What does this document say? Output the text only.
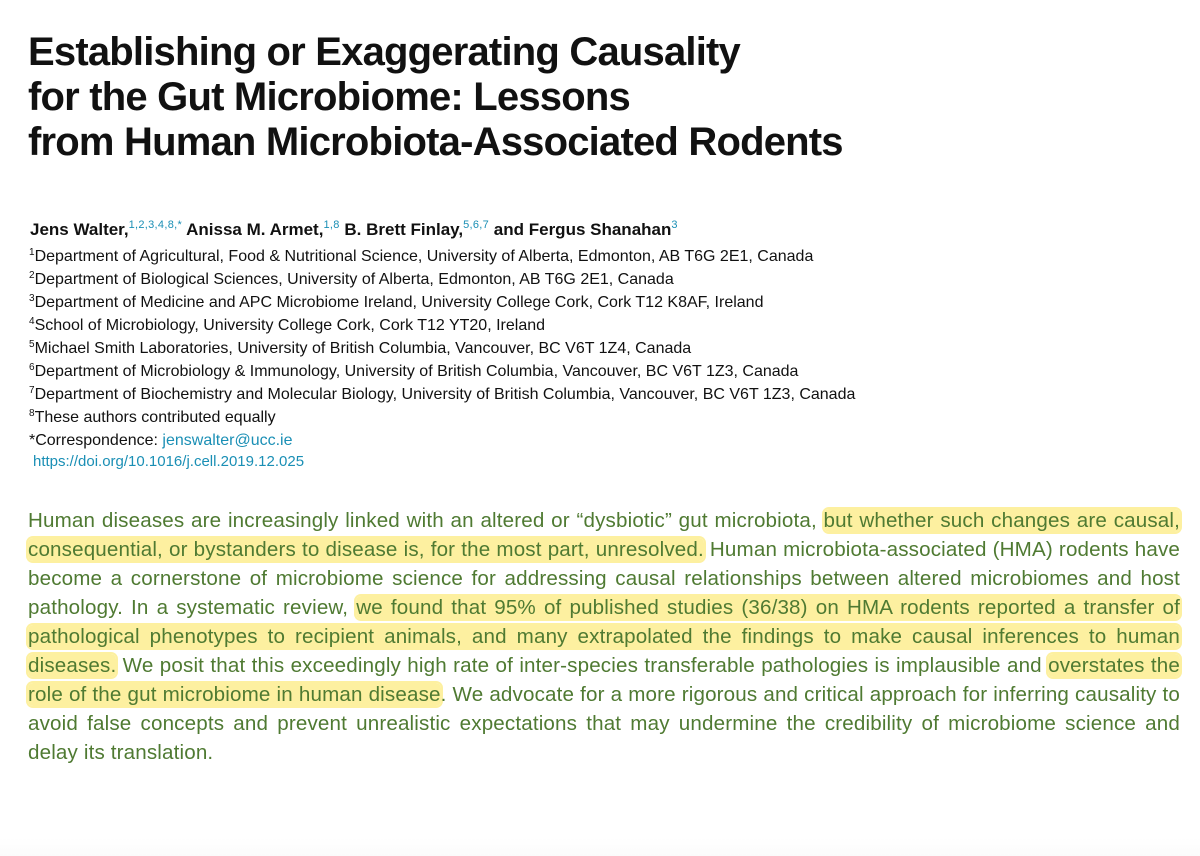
Establishing or Exaggerating Causality
for the Gut Microbiome: Lessons
from Human Microbiota-Associated Rodents
Jens Walter,$^{1,2,3,4,8,*}$ Anissa M. Armet,$^{1,8}$ B. Brett Finlay,$^{5,6,7}$ and Fergus Shanahan$^3$
$^1$Department of Agricultural, Food & Nutritional Science, University of Alberta, Edmonton, AB T6G 2E1, Canada
$^2$Department of Biological Sciences, University of Alberta, Edmonton, AB T6G 2E1, Canada
$^3$Department of Medicine and APC Microbiome Ireland, University College Cork, Cork T12 K8AF, Ireland
$^4$School of Microbiology, University College Cork, Cork T12 YT20, Ireland
$^5$Michael Smith Laboratories, University of British Columbia, Vancouver, BC V6T 1Z4, Canada
$^6$Department of Microbiology & Immunology, University of British Columbia, Vancouver, BC V6T 1Z3, Canada
$^7$Department of Biochemistry and Molecular Biology, University of British Columbia, Vancouver, BC V6T 1Z3, Canada
$^8$These authors contributed equally
*Correspondence: jenswalter@ucc.ie
https://doi.org/10.1016/j.cell.2019.12.025
Human diseases are increasingly linked with an altered or “dysbiotic” gut microbiota, but whether such changes are causal, consequential, or bystanders to disease is, for the most part, unresolved. Human microbiota-associated (HMA) rodents have become a cornerstone of microbiome science for addressing causal relationships between altered microbiomes and host pathology. In a systematic review, we found that 95% of published studies (36/38) on HMA rodents reported a transfer of pathological phenotypes to recipient animals, and many extrapolated the findings to make causal inferences to human diseases. We posit that this exceedingly high rate of inter-species transferable pathologies is implausible and overstates the role of the gut microbiome in human disease. We advocate for a more rigorous and critical approach for inferring causality to avoid false concepts and prevent unrealistic expectations that may undermine the credibility of microbiome science and delay its translation.
